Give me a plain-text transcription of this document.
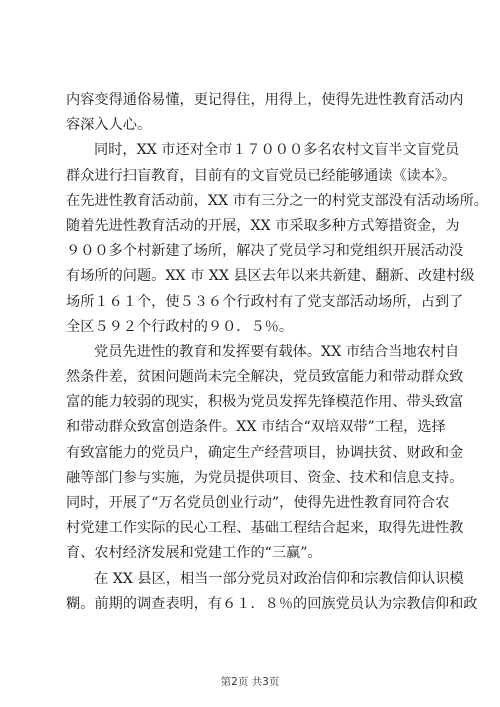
内容变得通俗易懂，更记得住，用得上，使得先进性教育活动内
容深入人心。
同时，XX 市还对全市１７０００多名农村文盲半文盲党员
群众进行扫盲教育，目前有的文盲党员已经能够通读《读本》。
在先进性教育活动前，XX 市有三分之一的村党支部没有活动场所。
随着先进性教育活动的开展，XX 市采取多种方式筹措资金，为
９００多个村新建了场所，解决了党员学习和党组织开展活动没
有场所的问题。XX 市 XX 县区去年以来共新建、翻新、改建村级
场所１６１个，使５３６个行政村有了党支部活动场所，占到了
全区５９２个行政村的９０．５％。
党员先进性的教育和发挥要有载体。XX 市结合当地农村自
然条件差，贫困问题尚未完全解决，党员致富能力和带动群众致
富的能力较弱的现实，积极为党员发挥先锋模范作用、带头致富
和带动群众致富创造条件。XX 市结合“双培双带”工程，选择
有致富能力的党员户，确定生产经营项目，协调扶贫、财政和金
融等部门参与实施，为党员提供项目、资金、技术和信息支持。
同时，开展了“万名党员创业行动”，使得先进性教育同符合农
村党建工作实际的民心工程、基础工程结合起来，取得先进性教
育、农村经济发展和党建工作的“三赢”。
在 XX 县区，相当一部分党员对政治信仰和宗教信仰认识模
糊。前期的调查表明，有６１．８％的回族党员认为宗教信仰和政
第2页 共3页
